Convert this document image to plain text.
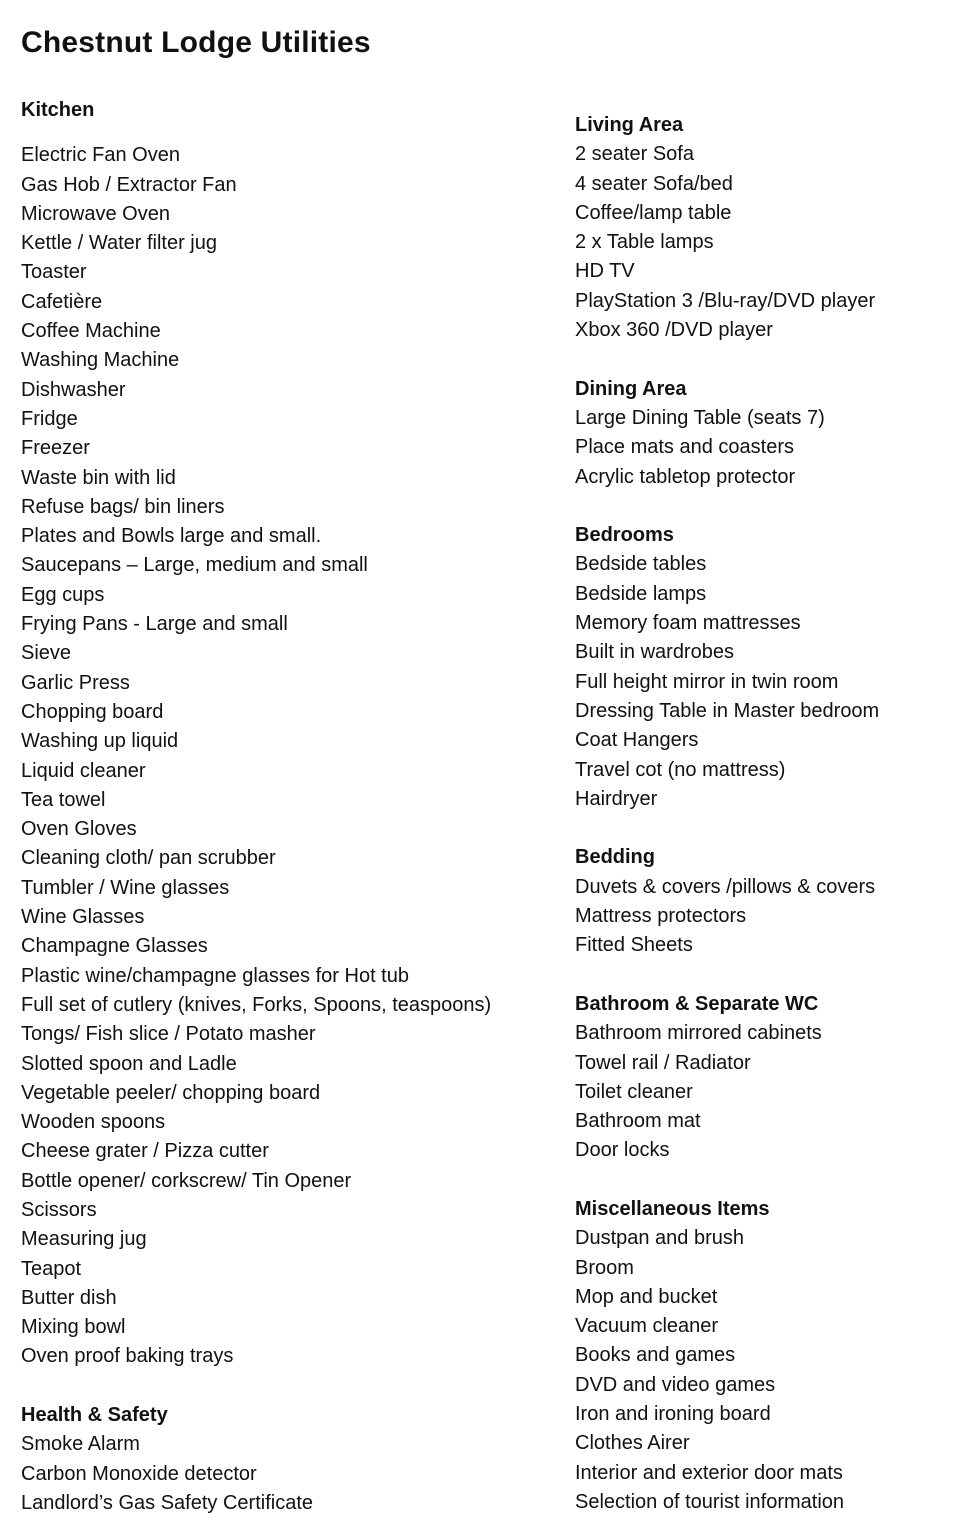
Chestnut Lodge Utilities
Kitchen
Electric Fan Oven
Gas Hob / Extractor Fan
Microwave Oven
Kettle / Water filter jug
Toaster
Cafetière
Coffee Machine
Washing Machine
Dishwasher
Fridge
Freezer
Waste bin with lid
Refuse bags/ bin liners
Plates and Bowls large and small.
Saucepans – Large, medium and small
Egg cups
Frying Pans - Large and small
Sieve
Garlic Press
Chopping board
Washing up liquid
Liquid cleaner
Tea towel
Oven Gloves
Cleaning cloth/ pan scrubber
Tumbler / Wine glasses
Wine Glasses
Champagne Glasses
Plastic wine/champagne glasses for Hot tub
Full set of cutlery (knives, Forks, Spoons, teaspoons)
Tongs/ Fish slice / Potato masher
Slotted spoon and Ladle
Vegetable peeler/ chopping board
Wooden spoons
Cheese grater / Pizza cutter
Bottle opener/ corkscrew/ Tin Opener
Scissors
Measuring jug
Teapot
Butter dish
Mixing bowl
Oven proof baking trays
Health & Safety
Smoke Alarm
Carbon Monoxide detector
Landlord’s Gas Safety Certificate
Living Area
2 seater Sofa
4 seater Sofa/bed
Coffee/lamp table
2 x Table lamps
HD TV
PlayStation 3 /Blu-ray/DVD player
Xbox 360 /DVD player
Dining Area
Large Dining Table (seats 7)
Place mats and coasters
Acrylic tabletop protector
Bedrooms
Bedside tables
Bedside lamps
Memory foam mattresses
Built in wardrobes
Full height mirror in twin room
Dressing Table in Master bedroom
Coat Hangers
Travel cot (no mattress)
Hairdryer
Bedding
Duvets & covers /pillows & covers
Mattress protectors
Fitted Sheets
Bathroom & Separate WC
Bathroom mirrored cabinets
Towel rail / Radiator
Toilet cleaner
Bathroom mat
Door locks
Miscellaneous Items
Dustpan and brush
Broom
Mop and bucket
Vacuum cleaner
Books and games
DVD and video games
Iron and ironing board
Clothes Airer
Interior and exterior door mats
Selection of tourist information
